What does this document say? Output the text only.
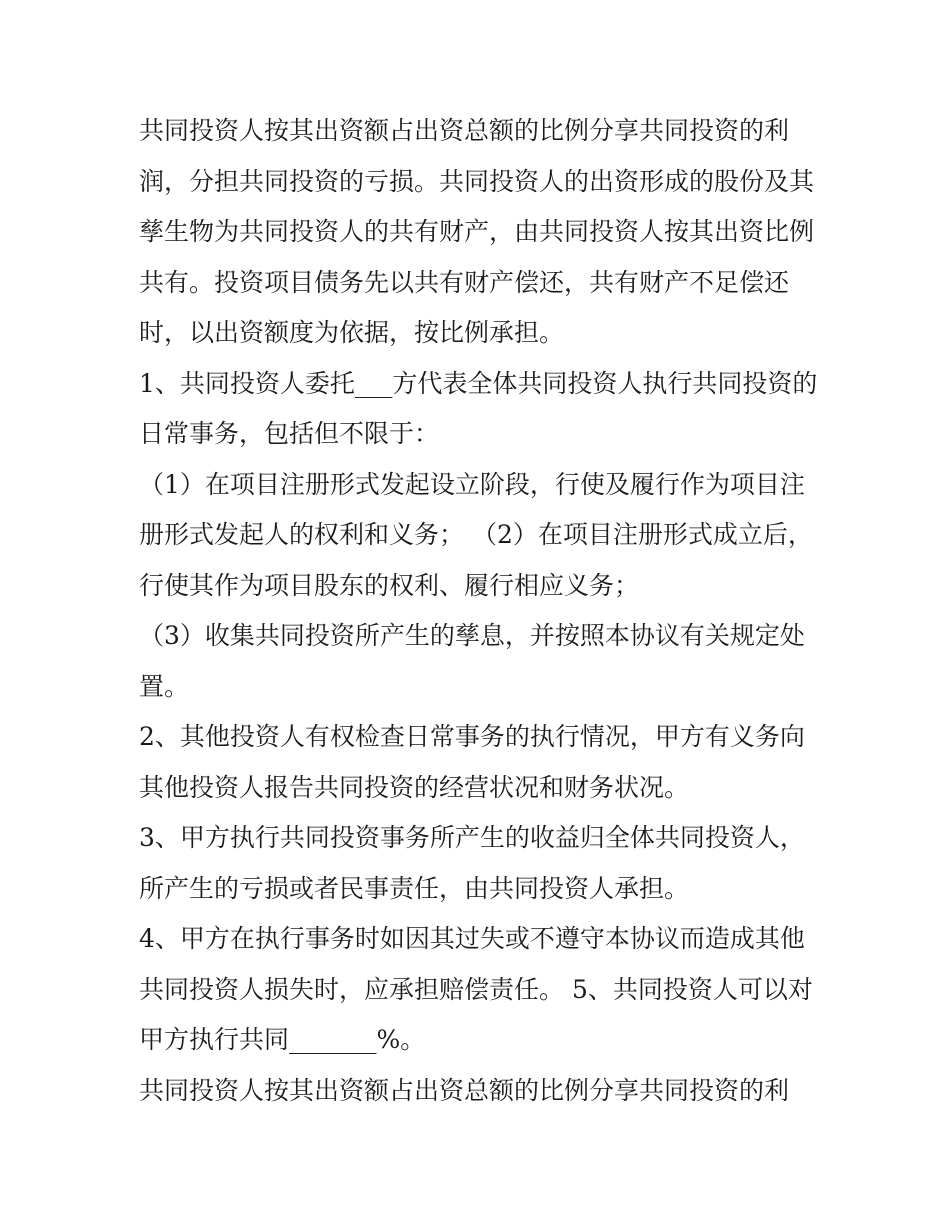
共同投资人按其出资额占出资总额的比例分享共同投资的利
润，分担共同投资的亏损。共同投资人的出资形成的股份及其
孳生物为共同投资人的共有财产，由共同投资人按其出资比例
共有。投资项目债务先以共有财产偿还，共有财产不足偿还
时，以出资额度为依据，按比例承担。
1、共同投资人委托___方代表全体共同投资人执行共同投资的
日常事务，包括但不限于：
（1）在项目注册形式发起设立阶段，行使及履行作为项目注
册形式发起人的权利和义务； （2）在项目注册形式成立后，
行使其作为项目股东的权利、履行相应义务；
（3）收集共同投资所产生的孳息，并按照本协议有关规定处
置。
2、其他投资人有权检查日常事务的执行情况，甲方有义务向
其他投资人报告共同投资的经营状况和财务状况。
3、甲方执行共同投资事务所产生的收益归全体共同投资人，
所产生的亏损或者民事责任，由共同投资人承担。
4、甲方在执行事务时如因其过失或不遵守本协议而造成其他
共同投资人损失时，应承担赔偿责任。 5、共同投资人可以对
甲方执行共同_______%。
共同投资人按其出资额占出资总额的比例分享共同投资的利
